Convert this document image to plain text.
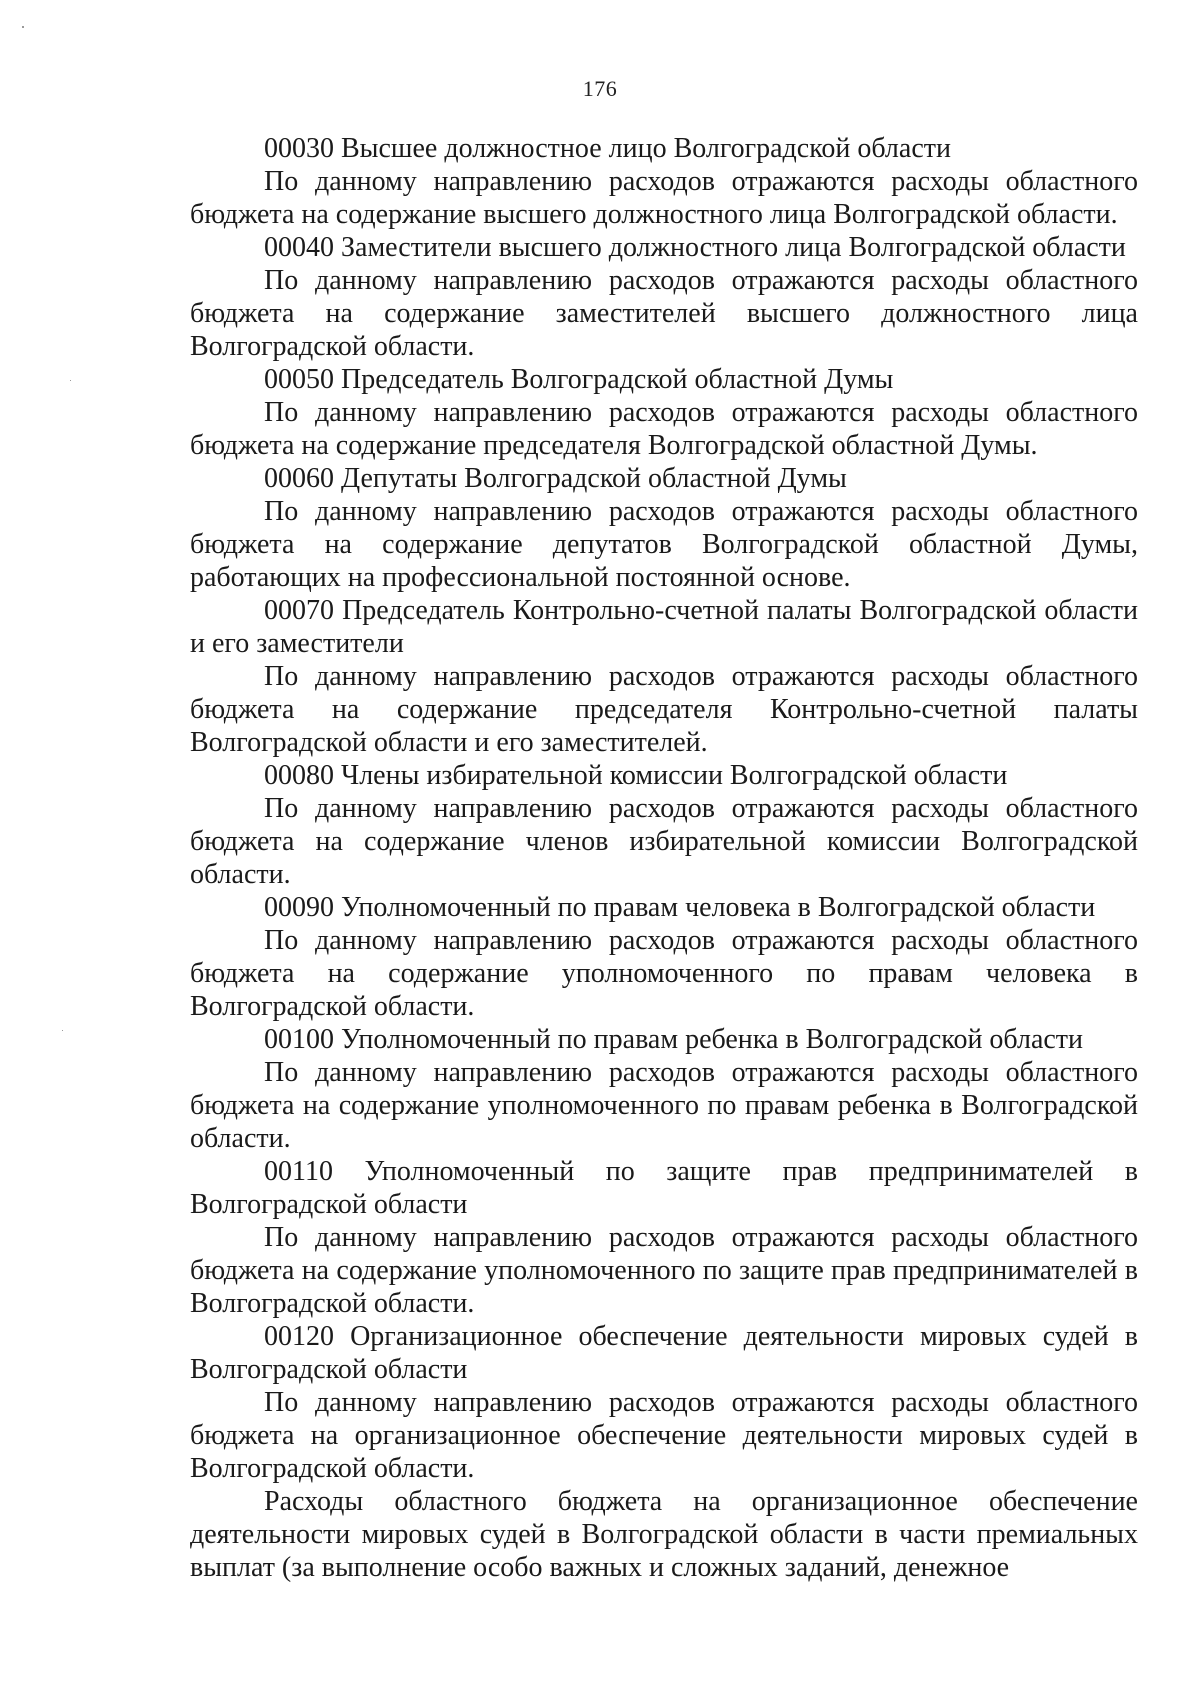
176

00030 Высшее должностное лицо Волгоградской области

По данному направлению расходов отражаются расходы областного бюджета на содержание высшего должностного лица Волгоградской области.

00040 Заместители высшего должностного лица Волгоградской области

По данному направлению расходов отражаются расходы областного бюджета на содержание заместителей высшего должностного лица Волгоградской области.

00050 Председатель Волгоградской областной Думы

По данному направлению расходов отражаются расходы областного бюджета на содержание председателя Волгоградской областной Думы.

00060 Депутаты Волгоградской областной Думы

По данному направлению расходов отражаются расходы областного бюджета на содержание депутатов Волгоградской областной Думы, работающих на профессиональной постоянной основе.

00070 Председатель Контрольно-счетной палаты Волгоградской области и его заместители

По данному направлению расходов отражаются расходы областного бюджета на содержание председателя Контрольно-счетной палаты Волгоградской области и его заместителей.

00080 Члены избирательной комиссии Волгоградской области

По данному направлению расходов отражаются расходы областного бюджета на содержание членов избирательной комиссии Волгоградской области.

00090 Уполномоченный по правам человека в Волгоградской области

По данному направлению расходов отражаются расходы областного бюджета на содержание уполномоченного по правам человека в Волгоградской области.

00100 Уполномоченный по правам ребенка в Волгоградской области

По данному направлению расходов отражаются расходы областного бюджета на содержание уполномоченного по правам ребенка в Волгоградской области.

00110 Уполномоченный по защите прав предпринимателей в Волгоградской области

По данному направлению расходов отражаются расходы областного бюджета на содержание уполномоченного по защите прав предпринимателей в Волгоградской области.

00120 Организационное обеспечение деятельности мировых судей в Волгоградской области

По данному направлению расходов отражаются расходы областного бюджета на организационное обеспечение деятельности мировых судей в Волгоградской области.

Расходы областного бюджета на организационное обеспечение деятельности мировых судей в Волгоградской области в части премиальных выплат (за выполнение особо важных и сложных заданий, денежное
